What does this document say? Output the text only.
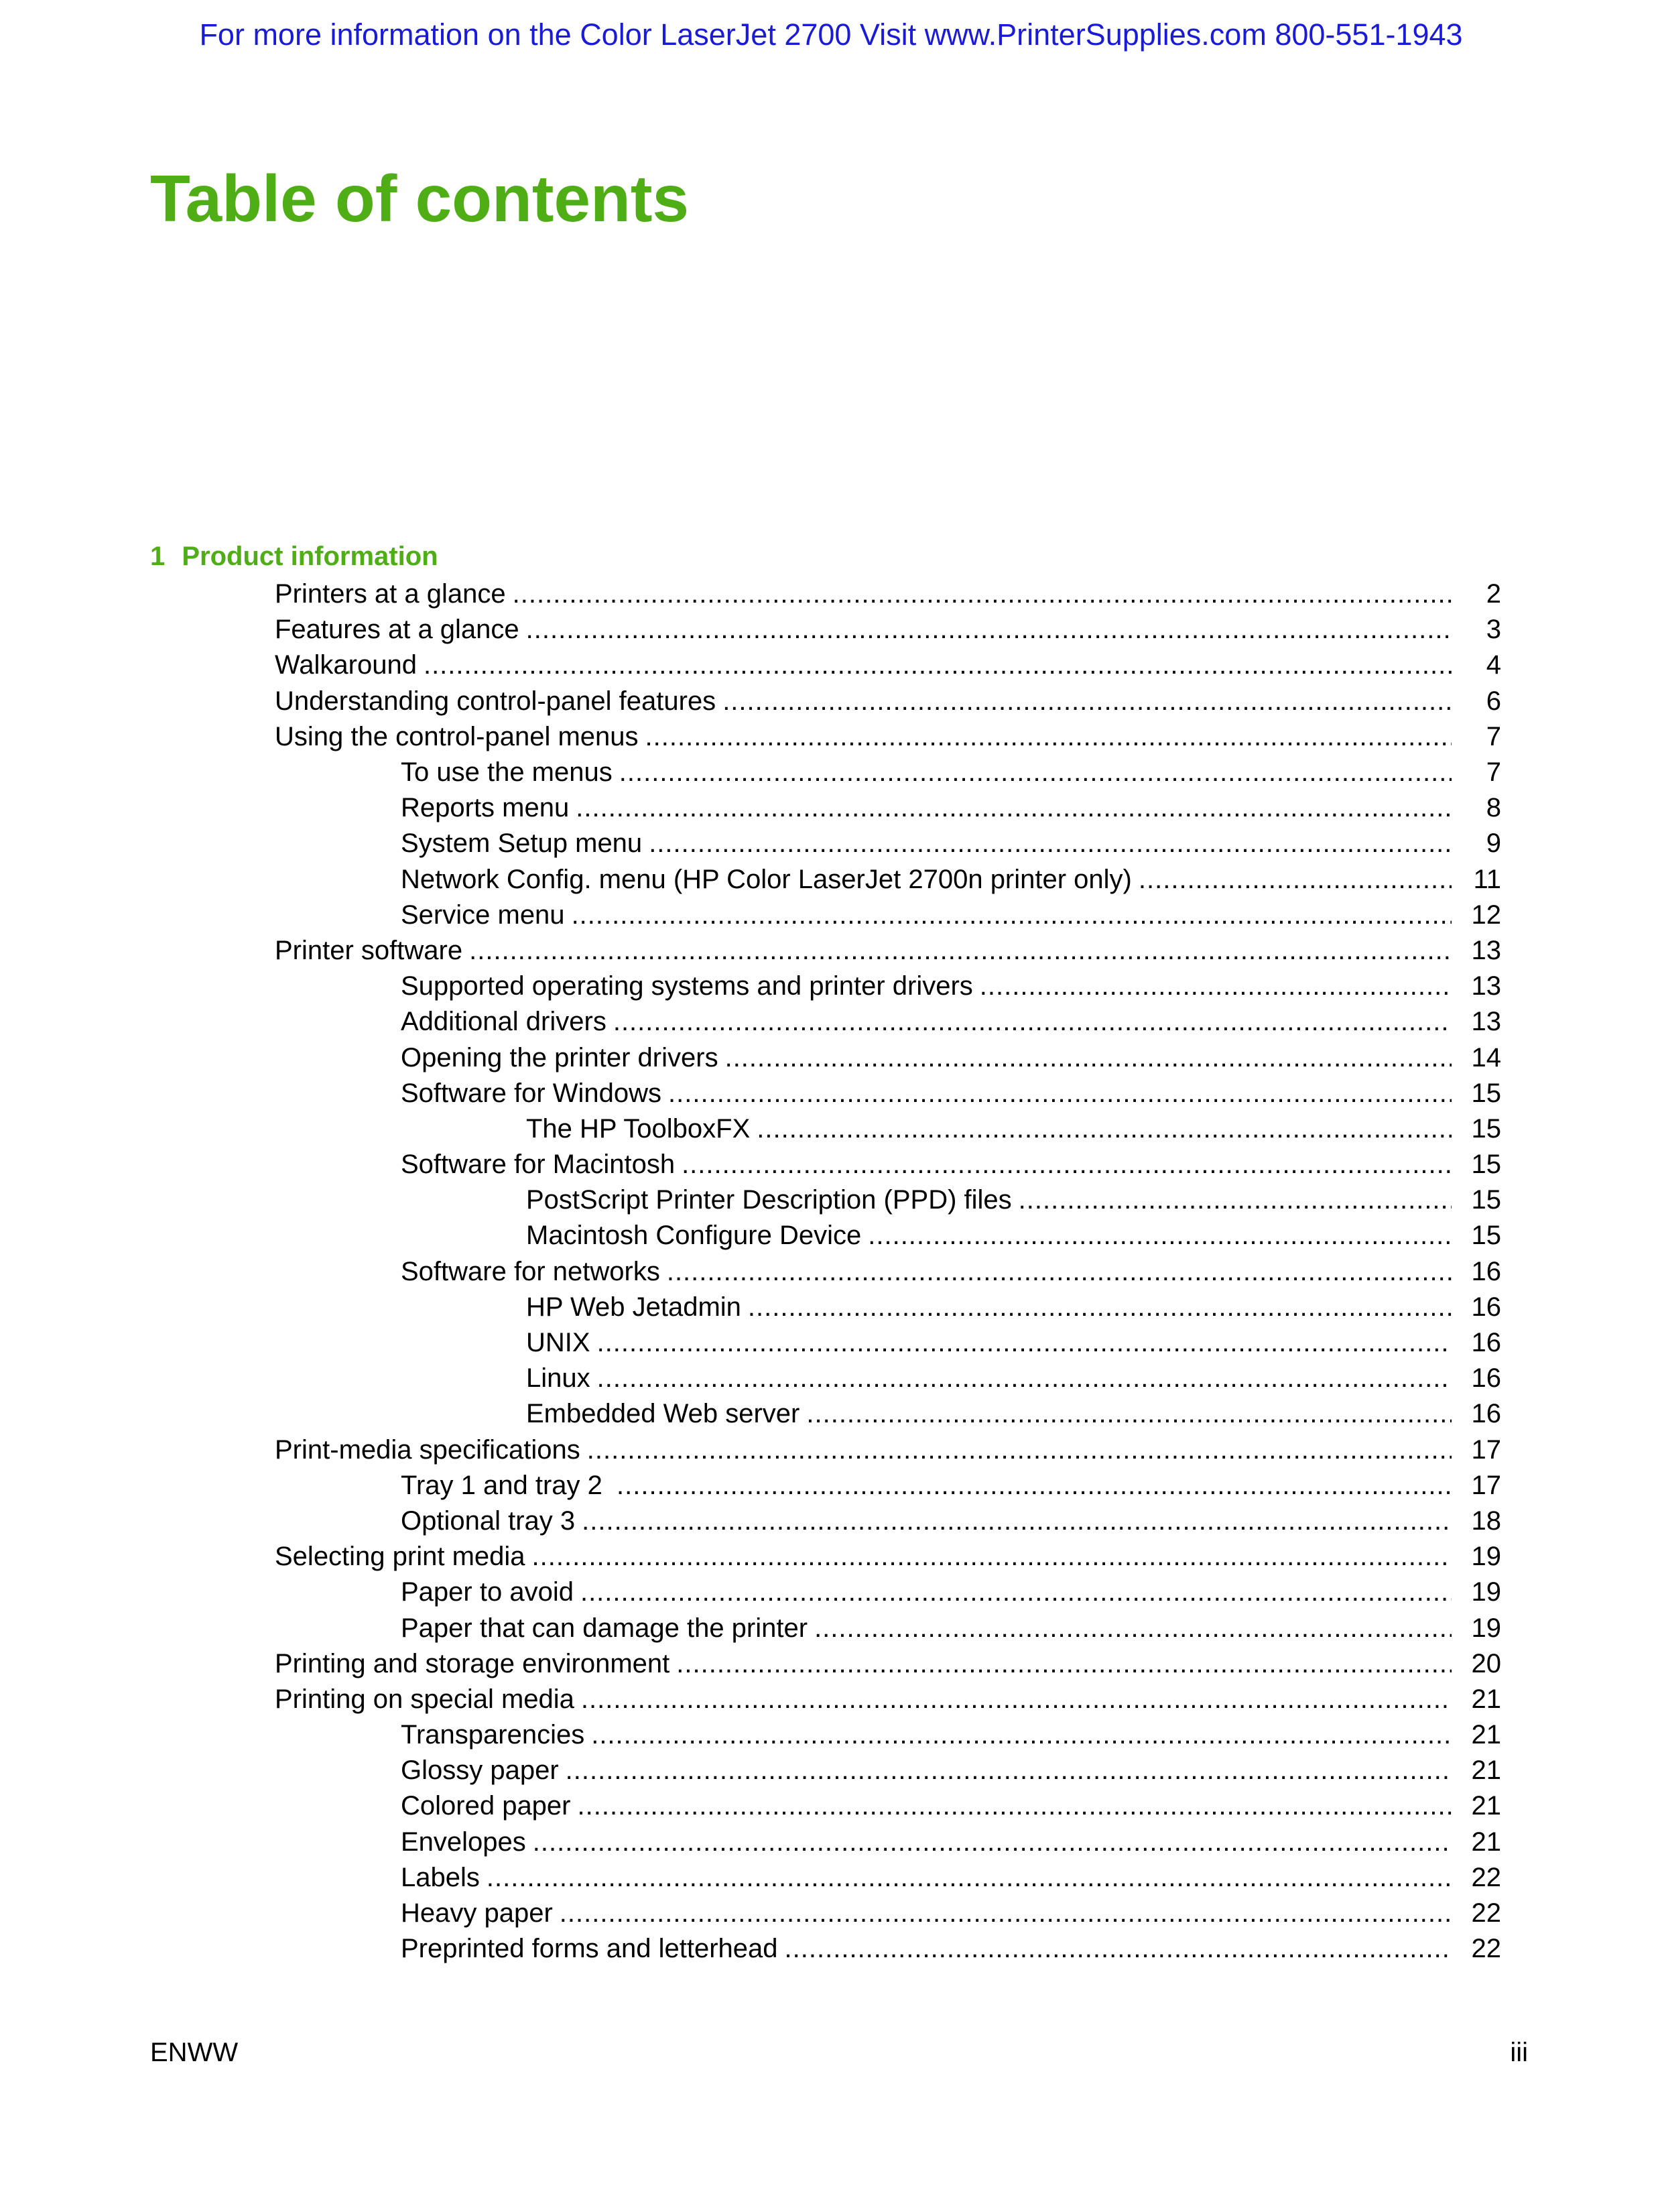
For more information on the Color LaserJet 2700 Visit www.PrinterSupplies.com 800-551-1943
Table of contents
1 Product information
Printers at a glance .....	2
Features at a glance .....	3
Walkaround .....	4
Understanding control-panel features .....	6
Using the control-panel menus .....	7
To use the menus .....	7
Reports menu .....	8
System Setup menu .....	9
Network Config. menu (HP Color LaserJet 2700n printer only) .....	11
Service menu .....	12
Printer software .....	13
Supported operating systems and printer drivers .....	13
Additional drivers .....	13
Opening the printer drivers .....	14
Software for Windows .....	15
The HP ToolboxFX .....	15
Software for Macintosh .....	15
PostScript Printer Description (PPD) files .....	15
Macintosh Configure Device .....	15
Software for networks .....	16
HP Web Jetadmin .....	16
UNIX .....	16
Linux .....	16
Embedded Web server .....	16
Print-media specifications .....	17
Tray 1 and tray 2 .....	17
Optional tray 3 .....	18
Selecting print media .....	19
Paper to avoid .....	19
Paper that can damage the printer .....	19
Printing and storage environment .....	20
Printing on special media .....	21
Transparencies .....	21
Glossy paper .....	21
Colored paper .....	21
Envelopes .....	21
Labels .....	22
Heavy paper .....	22
Preprinted forms and letterhead .....	22
ENWW	iii
